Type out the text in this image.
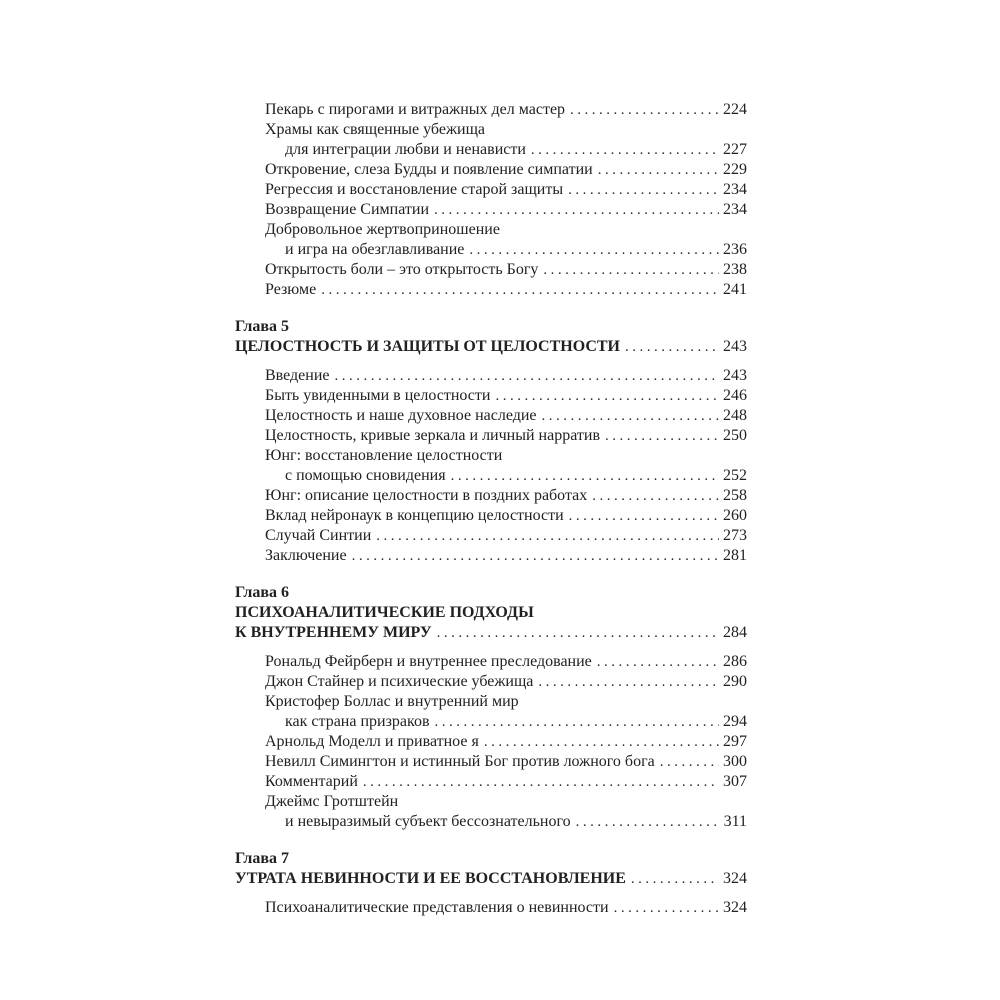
Пекарь с пирогами и витражных дел мастер .....	224
Храмы как священные убежища
для интеграции любви и ненависти .....	227
Откровение, слеза Будды и появление симпатии .....	229
Регрессия и восстановление старой защиты .....	234
Возвращение Симпатии .....	234
Добровольное жертвоприношение
и игра на обезглавливание .....	236
Открытость боли – это открытость Богу .....	238
Резюме .....	241
Глава 5
ЦЕЛОСТНОСТЬ И ЗАЩИТЫ ОТ ЦЕЛОСТНОСТИ .....	243
Введение .....	243
Быть увиденными в целостности .....	246
Целостность и наше духовное наследие .....	248
Целостность, кривые зеркала и личный нарратив .....	250
Юнг: восстановление целостности
с помощью сновидения .....	252
Юнг: описание целостности в поздних работах .....	258
Вклад нейронаук в концепцию целостности .....	260
Случай Синтии .....	273
Заключение .....	281
Глава 6
ПСИХОАНАЛИТИЧЕСКИЕ ПОДХОДЫ
К ВНУТРЕННЕМУ МИРУ .....	284
Рональд Фейрберн и внутреннее преследование .....	286
Джон Стайнер и психические убежища .....	290
Кристофер Боллас и внутренний мир
как страна призраков .....	294
Арнольд Моделл и приватное я .....	297
Невилл Симингтон и истинный Бог против ложного бога .....	300
Комментарий .....	307
Джеймс Гротштейн
и невыразимый субъект бессознательного .....	311
Глава 7
УТРАТА НЕВИННОСТИ И ЕЕ ВОССТАНОВЛЕНИЕ .....	324
Психоаналитические представления о невинности .....	324
